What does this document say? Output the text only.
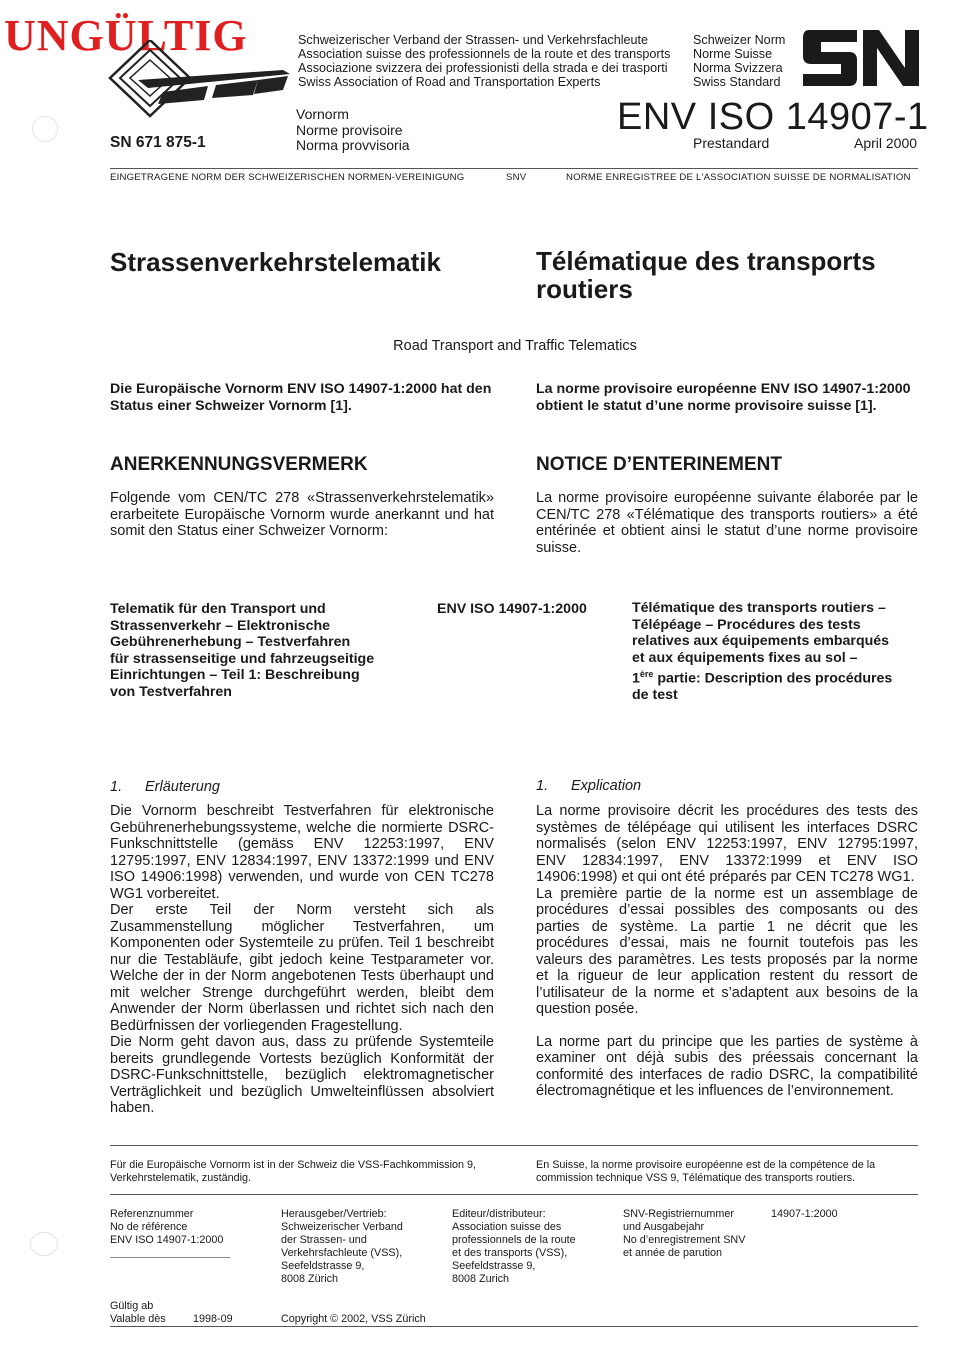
UNGÜLTIG	Schweizerischer Verband der Strassen- und Verkehrsfachleute
Association suisse des professionnels de la route et des transports
Associazione svizzera dei professionisti della strada e dei trasporti
Swiss Association of Road and Transportation Experts
Schweizer Norm
Norme Suisse
Norma Svizzera
Swiss Standard
SN 671 875-1
Vornorm
Norme provisoire
Norma provvisoria
ENV ISO 14907-1
Prestandard	April 2000
EINGETRAGENE NORM DER SCHWEIZERISCHEN NORMEN-VEREINIGUNG	SNV	NORME ENREGISTREE DE L'ASSOCIATION SUISSE DE NORMALISATION
Strassenverkehrstelematik	Télématique des transports routiers
Road Transport and Traffic Telematics
Die Europäische Vornorm ENV ISO 14907-1:2000 hat den Status einer Schweizer Vornorm [1].
La norme provisoire européenne ENV ISO 14907-1:2000 obtient le statut d’une norme provisoire suisse [1].
ANERKENNUNGSVERMERK	NOTICE D’ENTERINEMENT
Folgende vom CEN/TC 278 «Strassenverkehrstelematik» erarbeitete Europäische Vornorm wurde anerkannt und hat somit den Status einer Schweizer Vornorm:
La norme provisoire européenne suivante élaborée par le CEN/TC 278 «Télématique des transports routiers» a été entérinée et obtient ainsi le statut d’une norme provisoire suisse.
Telematik für den Transport und
Strassenverkehr – Elektronische
Gebührenerhebung – Testverfahren
für strassenseitige und fahrzeugseitige
Einrichtungen – Teil 1: Beschreibung
von Testverfahren
ENV ISO 14907-1:2000	Télématique des transports routiers –
Télépéage – Procédures des tests
relatives aux équipements embarqués
et aux équipements fixes au sol –
1ère partie: Description des procédures
de test
1. Erläuterung	1. Explication
Die Vornorm beschreibt Testverfahren für elektronische Gebührenerhebungssysteme, welche die normierte DSRC-Funkschnittstelle (gemäss ENV 12253:1997, ENV 12795:1997, ENV 12834:1997, ENV 13372:1999 und ENV ISO 14906:1998) verwenden, und wurde von CEN TC278 WG1 vorbereitet.
Der erste Teil der Norm versteht sich als Zusammenstellung möglicher Testverfahren, um Komponenten oder Systemteile zu prüfen. Teil 1 beschreibt nur die Testabläufe, gibt jedoch keine Testparameter vor. Welche der in der Norm angebotenen Tests überhaupt und mit welcher Strenge durchgeführt werden, bleibt dem Anwender der Norm überlassen und richtet sich nach den Bedürfnissen der vorliegenden Fragestellung.
Die Norm geht davon aus, dass zu prüfende Systemteile bereits grundlegende Vortests bezüglich Konformität der DSRC-Funkschnittstelle, bezüglich elektromagnetischer Verträglichkeit und bezüglich Umwelteinflüssen absolviert haben.
La norme provisoire décrit les procédures des tests des systèmes de télépéage qui utilisent les interfaces DSRC normalisés (selon ENV 12253:1997, ENV 12795:1997, ENV 12834:1997, ENV 13372:1999 et ENV ISO 14906:1998) et qui ont été préparés par CEN TC278 WG1.
La première partie de la norme est un assemblage de procédures d’essai possibles des composants ou des parties de système. La partie 1 ne décrit que les procédures d’essai, mais ne fournit toutefois pas les valeurs des paramètres. Les tests proposés par la norme et la rigueur de leur application restent du ressort de l’utilisateur de la norme et s’adaptent aux besoins de la question posée.
La norme part du principe que les parties de système à examiner ont déjà subis des préessais concernant la conformité des interfaces de radio DSRC, la compatibilité électromagnétique et les influences de l’environnement.
Für die Europäische Vornorm ist in der Schweiz die VSS-Fachkommission 9, Verkehrstelematik, zuständig.
En Suisse, la norme provisoire européenne est de la compétence de la commission technique VSS 9, Télématique des transports routiers.
Referenznummer
No de référence
ENV ISO 14907-1:2000
Herausgeber/Vertrieb:
Schweizerischer Verband
der Strassen- und
Verkehrsfachleute (VSS),
Seefeldstrasse 9,
8008 Zürich
Editeur/distributeur:
Association suisse des
professionnels de la route
et des transports (VSS),
Seefeldstrasse 9,
8008 Zurich
SNV-Registriernummer
und Ausgabejahr
No d’enregistrement SNV
et année de parution
14907-1:2000
Gültig ab
Valable dès	1998-09	Copyright © 2002, VSS Zürich
